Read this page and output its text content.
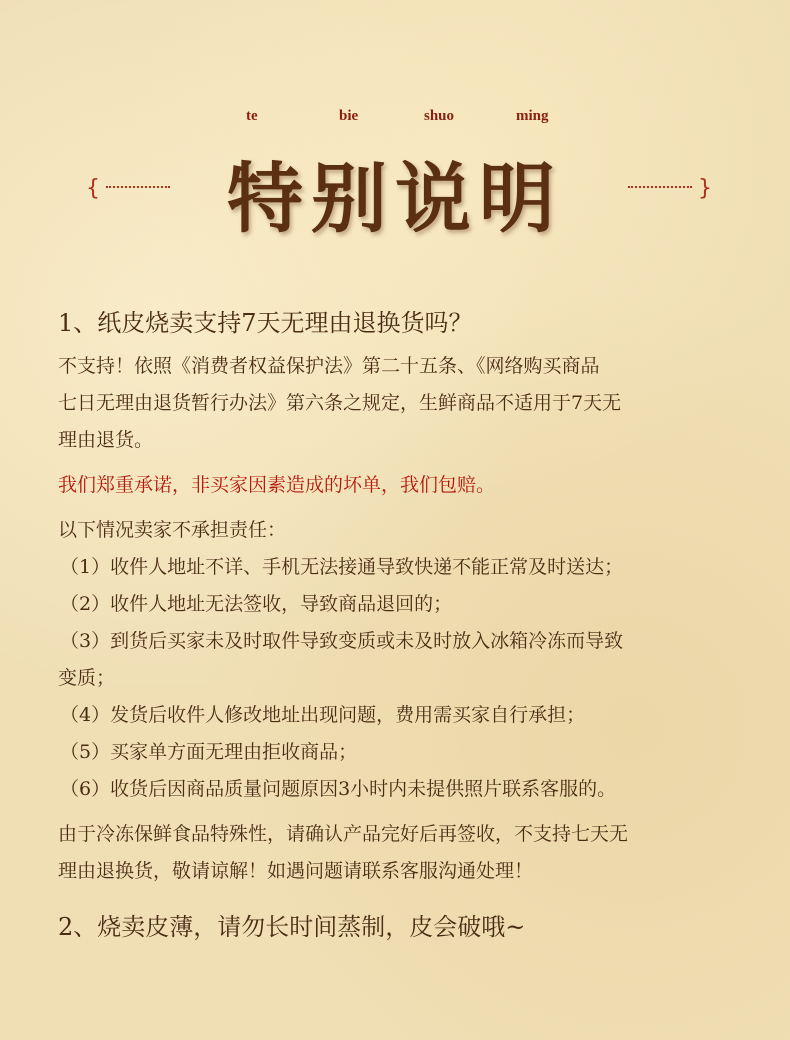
te	bie	shuo	ming
{	特别说明	}
1、纸皮烧卖支持7天无理由退换货吗？

不支持！依照《消费者权益保护法》第二十五条、《网络购买商品

七日无理由退货暂行办法》第六条之规定，生鲜商品不适用于7天无

理由退货。

我们郑重承诺，非买家因素造成的坏单，我们包赔。

以下情况卖家不承担责任：

（1）收件人地址不详、手机无法接通导致快递不能正常及时送达；

（2）收件人地址无法签收，导致商品退回的；

（3）到货后买家未及时取件导致变质或未及时放入冰箱冷冻而导致

变质；

（4）发货后收件人修改地址出现问题，费用需买家自行承担；

（5）买家单方面无理由拒收商品；

（6）收货后因商品质量问题原因3小时内未提供照片联系客服的。

由于冷冻保鲜食品特殊性，请确认产品完好后再签收，不支持七天无

理由退换货，敬请谅解！如遇问题请联系客服沟通处理！

2、烧卖皮薄，请勿长时间蒸制，皮会破哦~
